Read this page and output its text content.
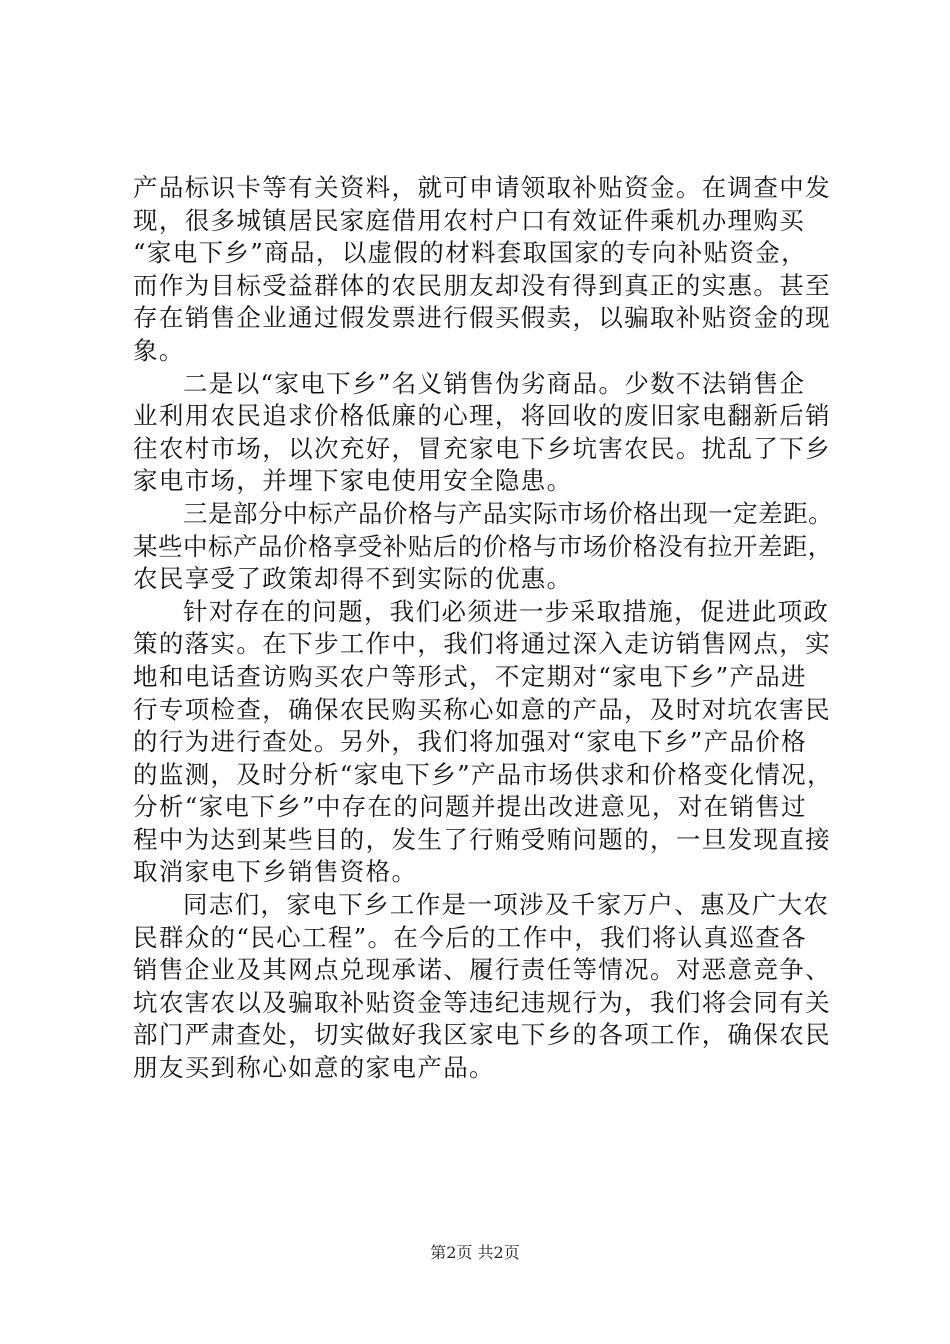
产品标识卡等有关资料，就可申请领取补贴资金。在调查中发
现，很多城镇居民家庭借用农村户口有效证件乘机办理购买
“家电下乡”商品，以虚假的材料套取国家的专向补贴资金，
而作为目标受益群体的农民朋友却没有得到真正的实惠。甚至
存在销售企业通过假发票进行假买假卖，以骗取补贴资金的现
象。
二是以“家电下乡”名义销售伪劣商品。少数不法销售企
业利用农民追求价格低廉的心理，将回收的废旧家电翻新后销
往农村市场，以次充好，冒充家电下乡坑害农民。扰乱了下乡
家电市场，并埋下家电使用安全隐患。
三是部分中标产品价格与产品实际市场价格出现一定差距。
某些中标产品价格享受补贴后的价格与市场价格没有拉开差距，
农民享受了政策却得不到实际的优惠。
针对存在的问题，我们必须进一步采取措施，促进此项政
策的落实。在下步工作中，我们将通过深入走访销售网点，实
地和电话查访购买农户等形式，不定期对“家电下乡”产品进
行专项检查，确保农民购买称心如意的产品，及时对坑农害民
的行为进行查处。另外，我们将加强对“家电下乡”产品价格
的监测，及时分析“家电下乡”产品市场供求和价格变化情况，
分析“家电下乡”中存在的问题并提出改进意见，对在销售过
程中为达到某些目的，发生了行贿受贿问题的，一旦发现直接
取消家电下乡销售资格。
同志们，家电下乡工作是一项涉及千家万户、惠及广大农
民群众的“民心工程”。在今后的工作中，我们将认真巡查各
销售企业及其网点兑现承诺、履行责任等情况。对恶意竞争、
坑农害农以及骗取补贴资金等违纪违规行为，我们将会同有关
部门严肃查处，切实做好我区家电下乡的各项工作，确保农民
朋友买到称心如意的家电产品。
第2页 共2页
